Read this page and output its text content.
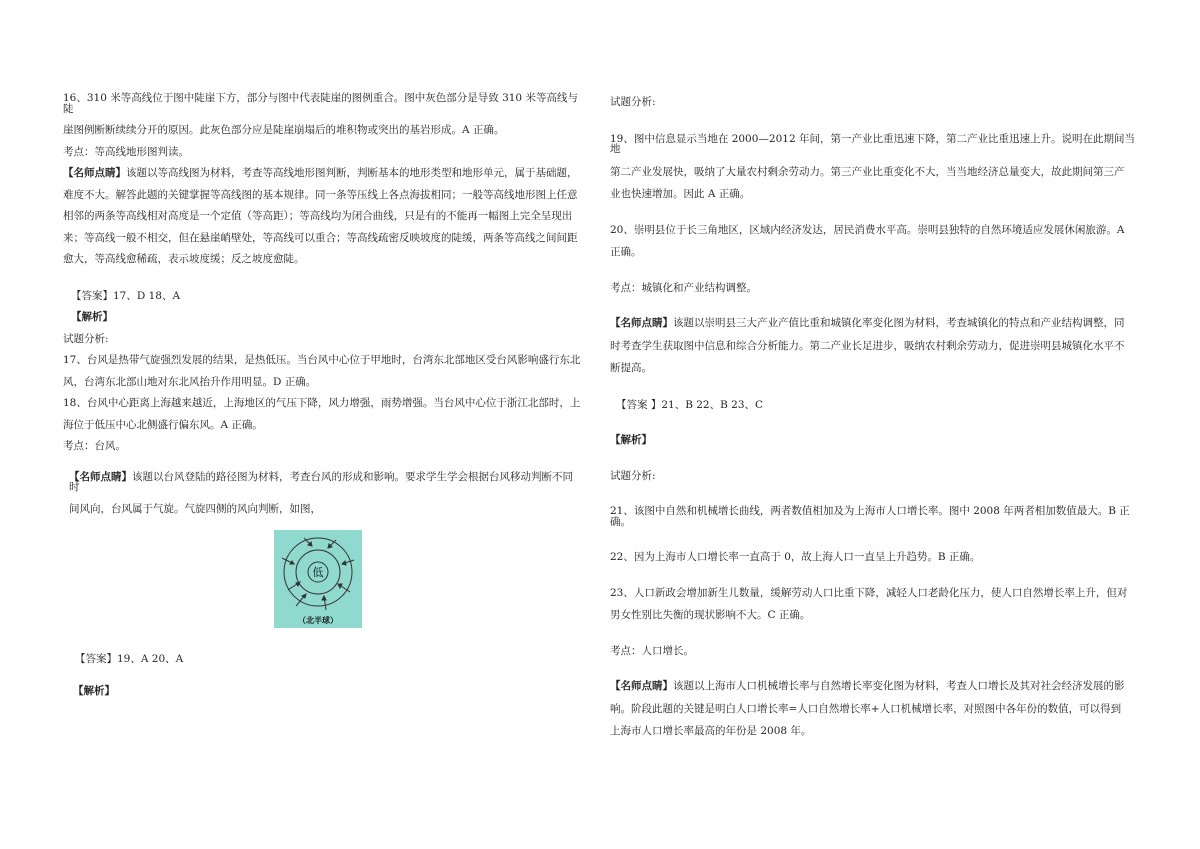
16、310 米等高线位于图中陡崖下方，部分与图中代表陡崖的图例重合。图中灰色部分是导致 310 米等高线与陡

崖图例断断续续分开的原因。此灰色部分应是陡崖崩塌后的堆积物或突出的基岩形成。A 正确。

考点：等高线地形图判读。

【名师点睛】该题以等高线图为材料，考查等高线地形图判断，判断基本的地形类型和地形单元，属于基础题，

难度不大。解答此题的关键掌握等高线图的基本规律。同一条等压线上各点海拔相同；一般等高线地形图上任意

相邻的两条等高线相对高度是一个定值（等高距）；等高线均为闭合曲线，只是有的不能再一幅图上完全呈现出

来；等高线一般不相交，但在悬崖峭壁处，等高线可以重合；等高线疏密反映坡度的陡缓，两条等高线之间间距

愈大，等高线愈稀疏，表示坡度缓；反之坡度愈陡。

【答案】17、D 18、A

【解析】

试题分析:

17、台风是热带气旋强烈发展的结果，是热低压。当台风中心位于甲地时，台湾东北部地区受台风影响盛行东北

风，台湾东北部山地对东北风抬升作用明显。D 正确。

18、台风中心距离上海越来越近，上海地区的气压下降，风力增强，雨势增强。当台风中心位于浙江北部时，上

海位于低压中心北侧盛行偏东风。A 正确。

考点：台风。

【名师点睛】该题以台风登陆的路径图为材料，考查台风的形成和影响。要求学生学会根据台风移动判断不同时

间风向，台风属于气旋。气旋四侧的风向判断，如图，

低
（北半球）

【答案】19、A 20、A

【解析】

试题分析:

19、图中信息显示当地在 2000—2012 年间，第一产业比重迅速下降，第二产业比重迅速上升。说明在此期间当地

第二产业发展快，吸纳了大量农村剩余劳动力。第三产业比重变化不大，当当地经济总量变大，故此期间第三产

业也快速增加。因此 A 正确。

20、崇明县位于长三角地区，区域内经济发达，居民消费水平高。崇明县独特的自然环境适应发展休闲旅游。A

正确。

考点：城镇化和产业结构调整。

【名师点睛】该题以崇明县三大产业产值比重和城镇化率变化图为材料，考查城镇化的特点和产业结构调整，同

时考查学生获取图中信息和综合分析能力。第二产业长足进步，吸纳农村剩余劳动力，促进崇明县城镇化水平不

断提高。

【答案 】21、B 22、B 23、C

【解析】

试题分析:

21、该图中自然和机械增长曲线，两者数值相加及为上海市人口增长率。图中 2008 年两者相加数值最大。B 正确。

22、因为上海市人口增长率一直高于 0，故上海人口一直呈上升趋势。B 正确。

23、人口新政会增加新生儿数量，缓解劳动人口比重下降，减轻人口老龄化压力，使人口自然增长率上升，但对

男女性别比失衡的现状影响不大。C 正确。

考点：人口增长。

【名师点睛】该题以上海市人口机械增长率与自然增长率变化图为材料，考查人口增长及其对社会经济发展的影

响。阶段此题的关键是明白人口增长率=人口自然增长率+人口机械增长率，对照图中各年份的数值，可以得到

上海市人口增长率最高的年份是 2008 年。
